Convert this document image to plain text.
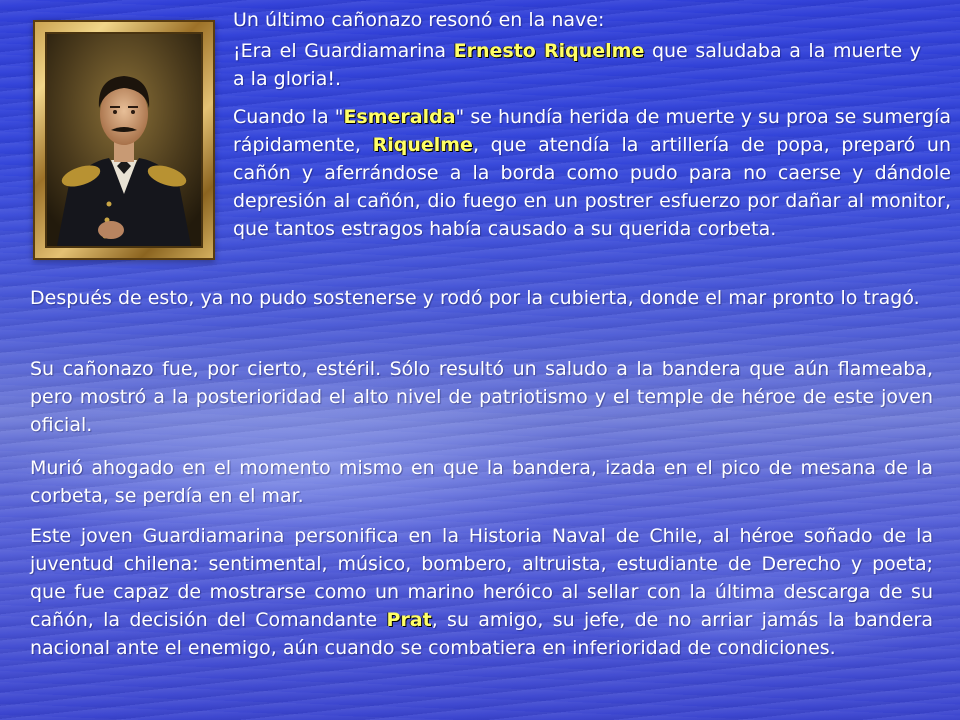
Un último cañonazo resonó en la nave:

¡Era el Guardiamarina Ernesto Riquelme que saludaba a la muerte y a la gloria!.

Cuando la "Esmeralda" se hundía herida de muerte y su proa se sumergía rápidamente, Riquelme, que atendía la artillería de popa, preparó un cañón y aferrándose a la borda como pudo para no caerse y dándole depresión al cañón, dio fuego en un postrer esfuerzo por dañar al monitor, que tantos estragos había causado a su querida corbeta.

Después de esto, ya no pudo sostenerse y rodó por la cubierta, donde el mar pronto lo tragó.

Su cañonazo fue, por cierto, estéril. Sólo resultó un saludo a la bandera que aún flameaba, pero mostró a la posterioridad el alto nivel de patriotismo y el temple de héroe de este joven oficial.

Murió ahogado en el momento mismo en que la bandera, izada en el pico de mesana de la corbeta, se perdía en el mar.

Este joven Guardiamarina personifica en la Historia Naval de Chile, al héroe soñado de la juventud chilena: sentimental, músico, bombero, altruista, estudiante de Derecho y poeta; que fue capaz de mostrarse como un marino heróico al sellar con la última descarga de su cañón, la decisión del Comandante Prat, su amigo, su jefe, de no arriar jamás la bandera nacional ante el enemigo, aún cuando se combatiera en inferioridad de condiciones.
